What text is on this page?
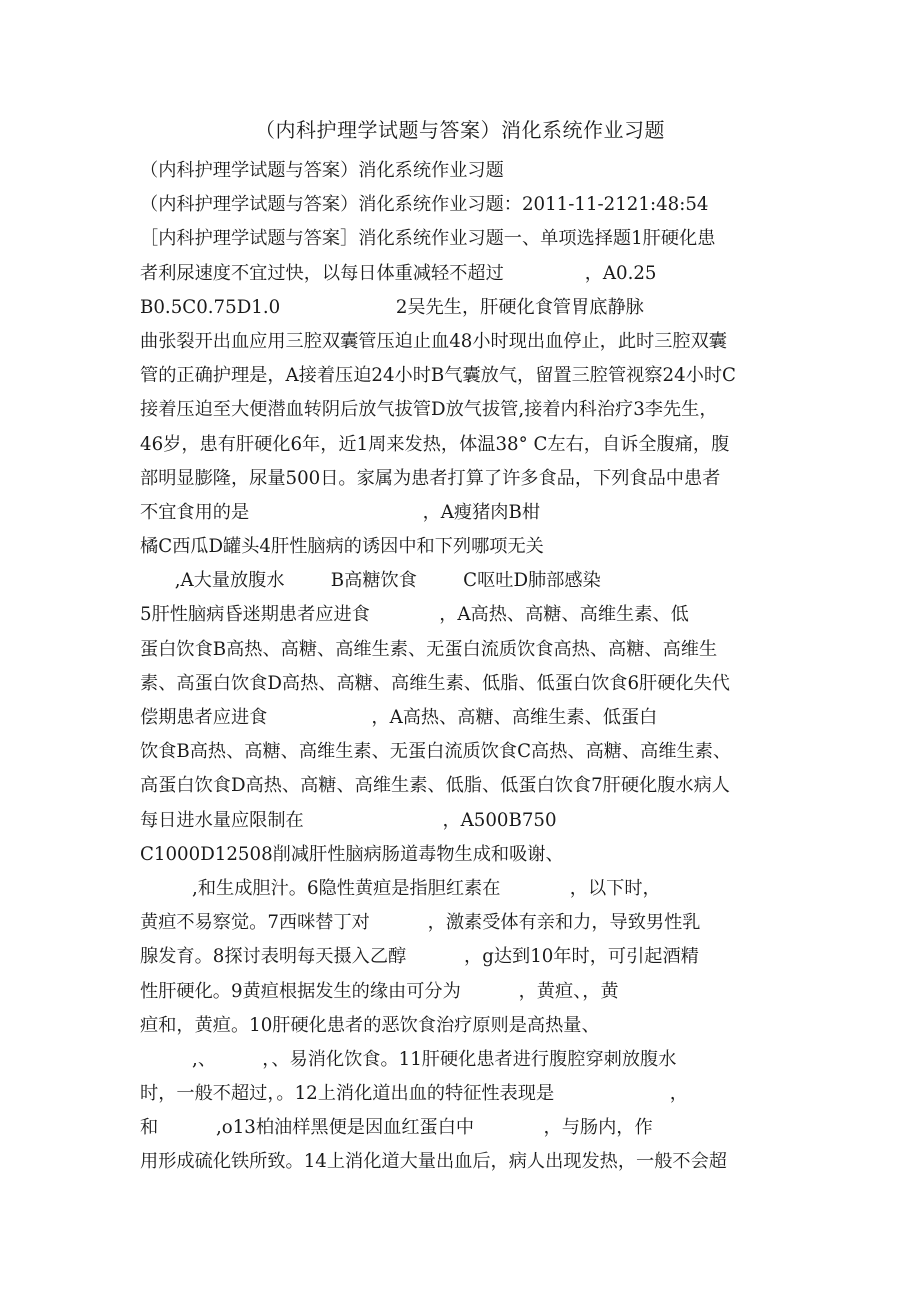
（内科护理学试题与答案）消化系统作业习题
（内科护理学试题与答案）消化系统作业习题
（内科护理学试题与答案）消化系统作业习题：2011-11-2121:48:54
［内科护理学试题与答案］消化系统作业习题一、单项选择题1肝硬化患
者利尿速度不宜过快，以每日体重减轻不超过              ，A0.25
B0.5C0.75D1.0                    2吴先生，肝硬化食管胃底静脉
曲张裂开出血应用三腔双囊管压迫止血48小时现出血停止，此时三腔双囊
管的正确护理是，A接着压迫24小时B气囊放气，留置三腔管视察24小时C
接着压迫至大便潜血转阴后放气拔管D放气拔管,接着内科治疗3李先生，
46岁，患有肝硬化6年，近1周来发热，体温38° C左右，自诉全腹痛，腹
部明显膨隆，尿量500日。家属为患者打算了许多食品，下列食品中患者
不宜食用的是                              ，A瘦猪肉B柑
橘C西瓜D罐头4肝性脑病的诱因中和下列哪项无关
,A大量放腹水        B高糖饮食        C呕吐D肺部感染
5肝性脑病昏迷期患者应进食            ，A高热、高糖、高维生素、低
蛋白饮食B高热、高糖、高维生素、无蛋白流质饮食高热、高糖、高维生
素、高蛋白饮食D高热、高糖、高维生素、低脂、低蛋白饮食6肝硬化失代
偿期患者应进食                  ，A高热、高糖、高维生素、低蛋白
饮食B高热、高糖、高维生素、无蛋白流质饮食C高热、高糖、高维生素、
高蛋白饮食D高热、高糖、高维生素、低脂、低蛋白饮食7肝硬化腹水病人
每日进水量应限制在                        ，A500B750
C1000D12508削减肝性脑病肠道毒物生成和吸谢、
,和生成胆汁。6隐性黄疸是指胆红素在            ，以下时，
黄疸不易察觉。7西咪替丁对          ，激素受体有亲和力，导致男性乳
腺发育。8探讨表明每天摄入乙醇          ，g达到10年时，可引起酒精
性肝硬化。9黄疸根据发生的缘由可分为          ，黄疸、，黄
疸和，黄疸。10肝硬化患者的恶饮食治疗原则是高热量、
,、        ，、易消化饮食。11肝硬化患者进行腹腔穿刺放腹水
时，一般不超过，。12上消化道出血的特征性表现是                    ，
和          ,o13柏油样黑便是因血红蛋白中            ，与肠内，作
用形成硫化铁所致。14上消化道大量出血后，病人出现发热，一般不会超
